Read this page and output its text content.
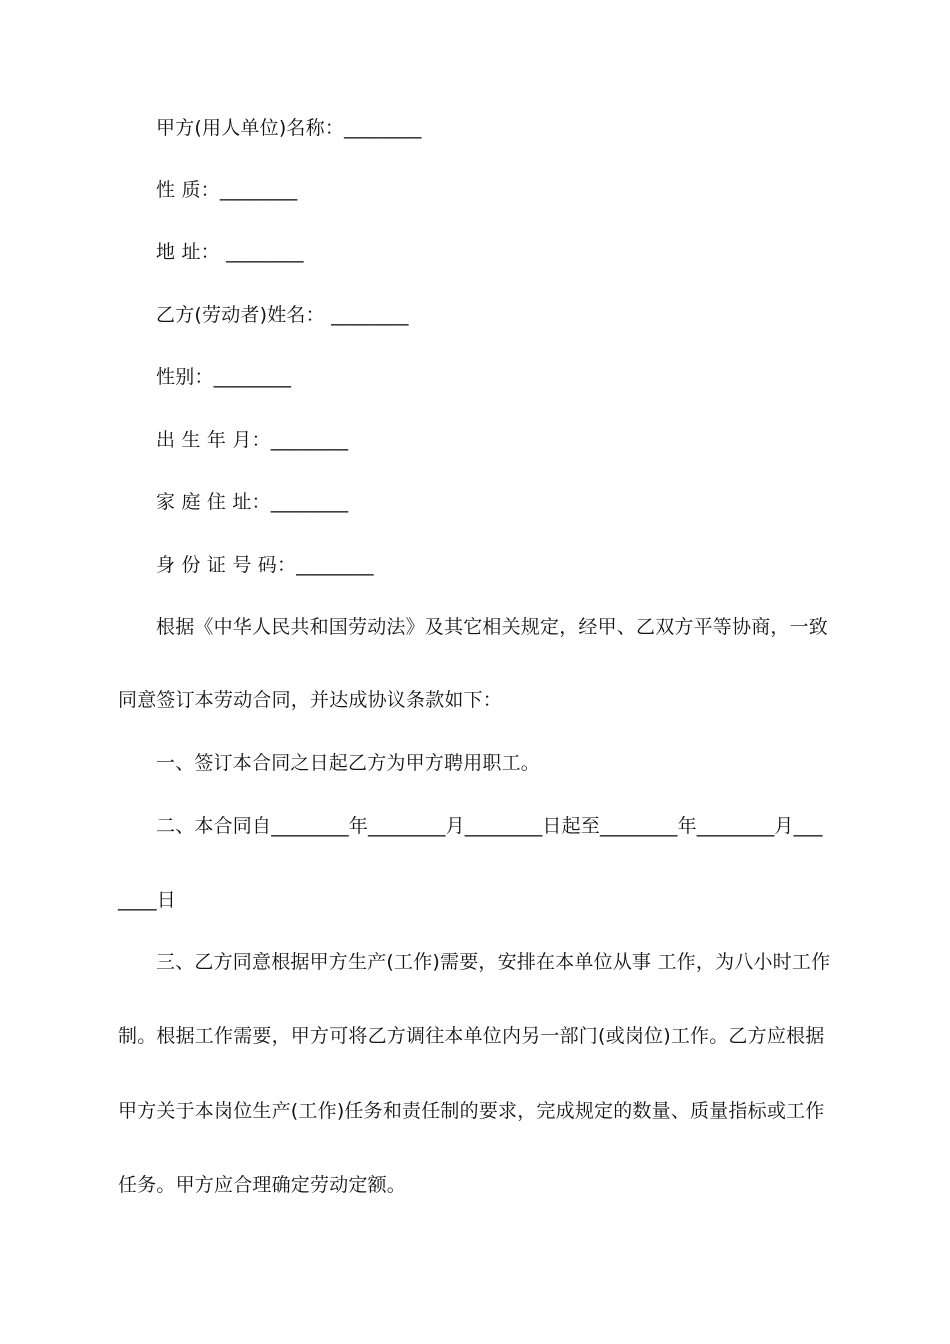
甲方(用人单位)名称：________
性 质：________
地 址： ________
乙方(劳动者)姓名： ________
性别：________
出 生 年 月：________
家 庭 住 址：________
身 份 证 号 码：________
根据《中华人民共和国劳动法》及其它相关规定，经甲、乙双方平等协商，一致
同意签订本劳动合同，并达成协议条款如下：
一、签订本合同之日起乙方为甲方聘用职工。
二、本合同自________年________月________日起至________年________月___
____日
三、乙方同意根据甲方生产(工作)需要，安排在本单位从事 工作，为八小时工作
制。根据工作需要，甲方可将乙方调往本单位内另一部门(或岗位)工作。乙方应根据
甲方关于本岗位生产(工作)任务和责任制的要求，完成规定的数量、质量指标或工作
任务。甲方应合理确定劳动定额。
